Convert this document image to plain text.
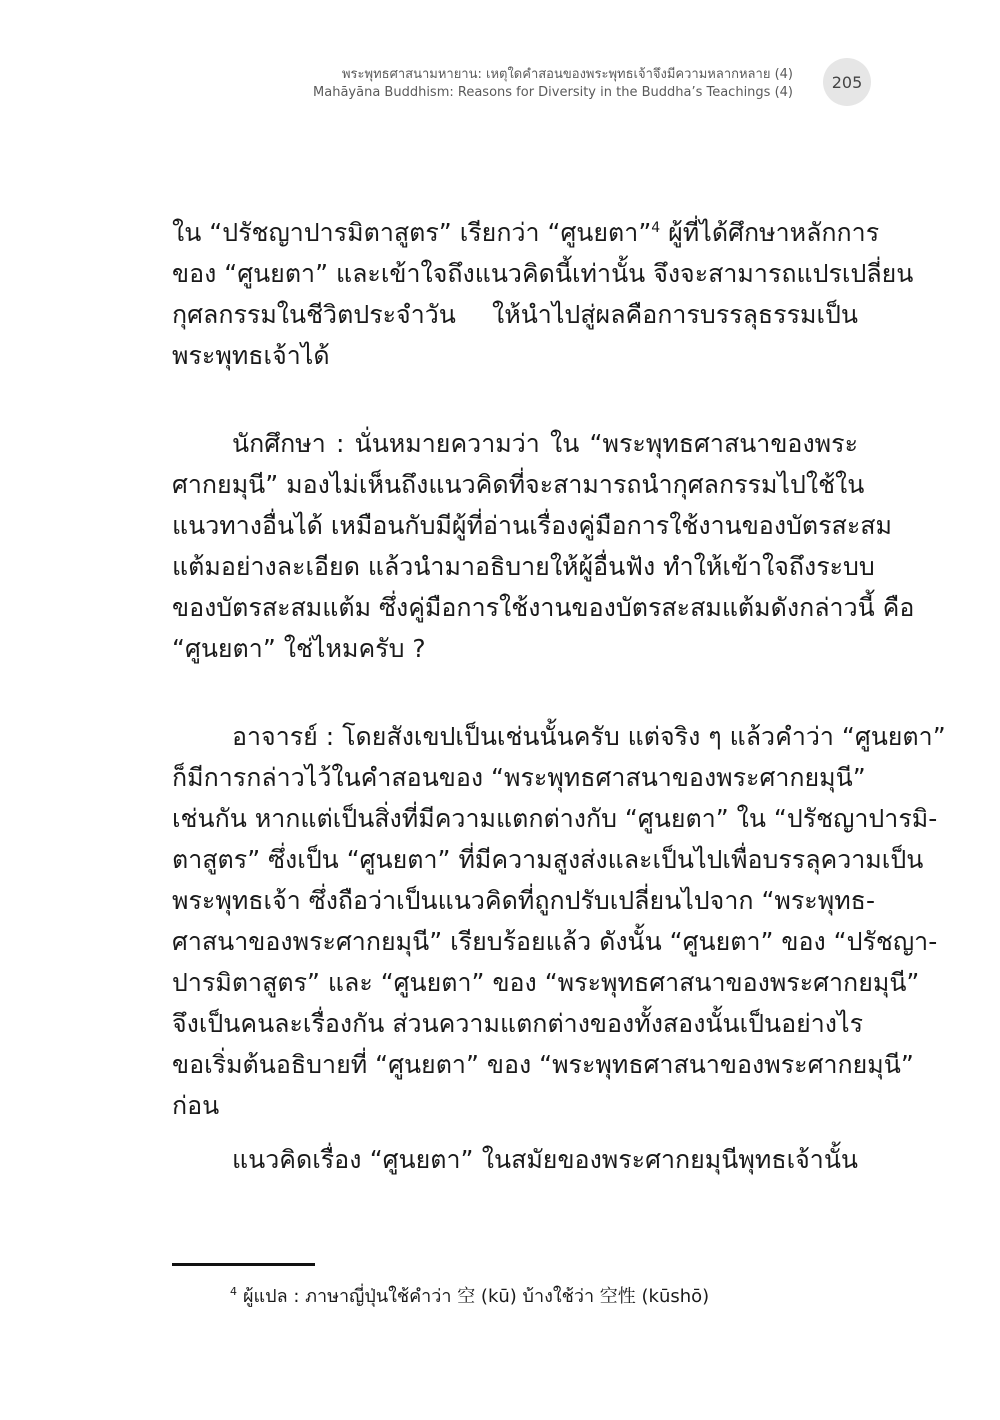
พระพุทธศาสนามหายาน: เหตุใดคำสอนของพระพุทธเจ้าจึงมีความหลากหลาย (4)
Mahāyāna Buddhism: Reasons for Diversity in the Buddha’s Teachings (4)
205
ใน “ปรัชญาปารมิตาสูตร” เรียกว่า “ศูนยตา”$^4$ ผู้ที่ได้ศึกษาหลักการ
ของ “ศูนยตา” และเข้าใจถึงแนวคิดนี้เท่านั้น จึงจะสามารถแปรเปลี่ยน
กุศลกรรมในชีวิตประจำวัน ให้นำไปสู่ผลคือการบรรลุธรรมเป็น
พระพุทธเจ้าได้
นักศึกษา : นั่นหมายความว่า ใน “พระพุทธศาสนาของพระ
ศากยมุนี” มองไม่เห็นถึงแนวคิดที่จะสามารถนำกุศลกรรมไปใช้ใน
แนวทางอื่นได้ เหมือนกับมีผู้ที่อ่านเรื่องคู่มือการใช้งานของบัตรสะสม
แต้มอย่างละเอียด แล้วนำมาอธิบายให้ผู้อื่นฟัง ทำให้เข้าใจถึงระบบ
ของบัตรสะสมแต้ม ซึ่งคู่มือการใช้งานของบัตรสะสมแต้มดังกล่าวนี้ คือ
“ศูนยตา” ใช่ไหมครับ ?
อาจารย์ : โดยสังเขปเป็นเช่นนั้นครับ แต่จริง ๆ แล้วคำว่า “ศูนยตา”
ก็มีการกล่าวไว้ในคำสอนของ “พระพุทธศาสนาของพระศากยมุนี”
เช่นกัน หากแต่เป็นสิ่งที่มีความแตกต่างกับ “ศูนยตา” ใน “ปรัชญาปารมิ-
ตาสูตร” ซึ่งเป็น “ศูนยตา” ที่มีความสูงส่งและเป็นไปเพื่อบรรลุความเป็น
พระพุทธเจ้า ซึ่งถือว่าเป็นแนวคิดที่ถูกปรับเปลี่ยนไปจาก “พระพุทธ-
ศาสนาของพระศากยมุนี” เรียบร้อยแล้ว ดังนั้น “ศูนยตา” ของ “ปรัชญา-
ปารมิตาสูตร” และ “ศูนยตา” ของ “พระพุทธศาสนาของพระศากยมุนี”
จึงเป็นคนละเรื่องกัน ส่วนความแตกต่างของทั้งสองนั้นเป็นอย่างไร
ขอเริ่มต้นอธิบายที่ “ศูนยตา” ของ “พระพุทธศาสนาของพระศากยมุนี”
ก่อน
แนวคิดเรื่อง “ศูนยตา” ในสมัยของพระศากยมุนีพุทธเจ้านั้น
$^4$ ผู้แปล : ภาษาญี่ปุ่นใช้คำว่า 空 (kū) บ้างใช้ว่า 空性 (kūshō)
